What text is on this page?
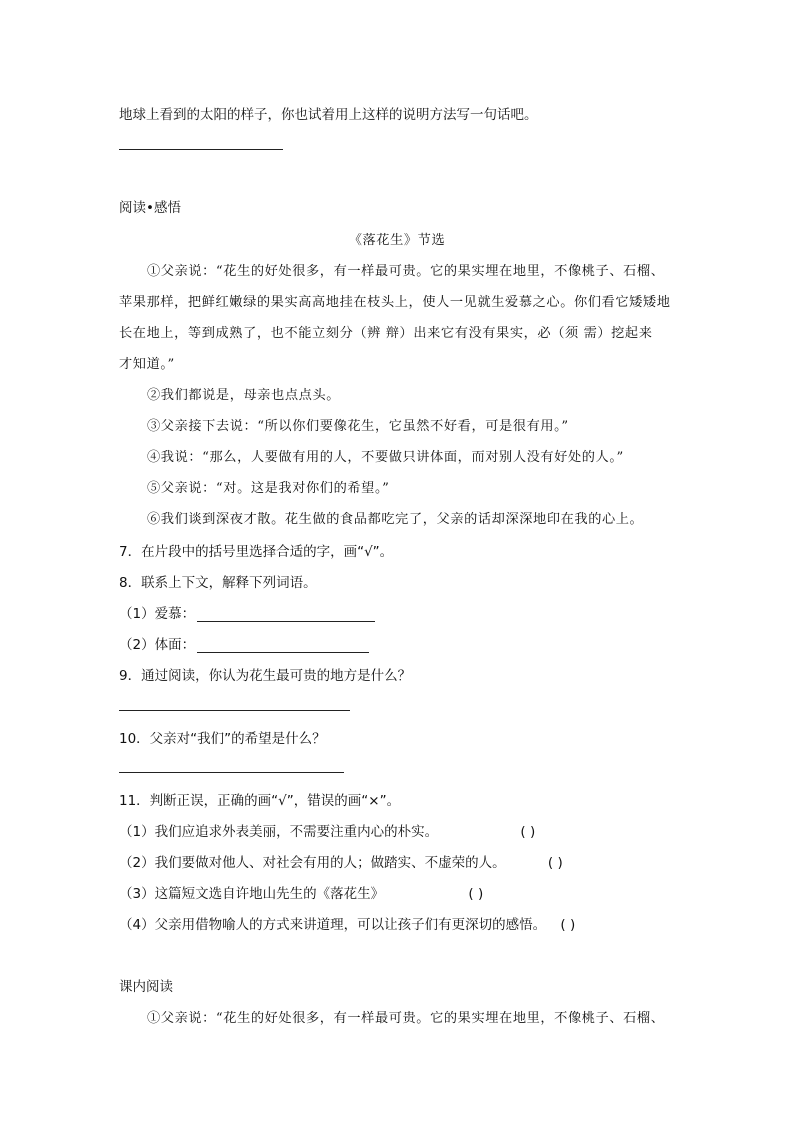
地球上看到的太阳的样子，你也试着用上这样的说明方法写一句话吧。
阅读•感悟
《落花生》节选
①父亲说：“花生的好处很多，有一样最可贵。它的果实埋在地里，不像桃子、石榴、
苹果那样，把鲜红嫩绿的果实高高地挂在枝头上，使人一见就生爱慕之心。你们看它矮矮地
长在地上，等到成熟了，也不能立刻分（辨 辩）出来它有没有果实，必（须 需）挖起来
才知道。”
②我们都说是，母亲也点点头。
③父亲接下去说：“所以你们要像花生，它虽然不好看，可是很有用。”
④我说：“那么，人要做有用的人，不要做只讲体面，而对别人没有好处的人。”
⑤父亲说：“对。这是我对你们的希望。”
⑥我们谈到深夜才散。花生做的食品都吃完了，父亲的话却深深地印在我的心上。
7．在片段中的括号里选择合适的字，画“√”。
8．联系上下文，解释下列词语。
（1）爱慕：
（2）体面：
9．通过阅读，你认为花生最可贵的地方是什么？
10．父亲对“我们”的希望是什么？
11．判断正误，正确的画“√”，错误的画“×”。
（1）我们应追求外表美丽，不需要注重内心的朴实。	( )
（2）我们要做对他人、对社会有用的人；做踏实、不虚荣的人。	( )
（3）这篇短文选自许地山先生的《落花生》	( )
（4）父亲用借物喻人的方式来讲道理，可以让孩子们有更深切的感悟。 ( )
课内阅读
①父亲说：“花生的好处很多，有一样最可贵。它的果实埋在地里，不像桃子、石榴、
